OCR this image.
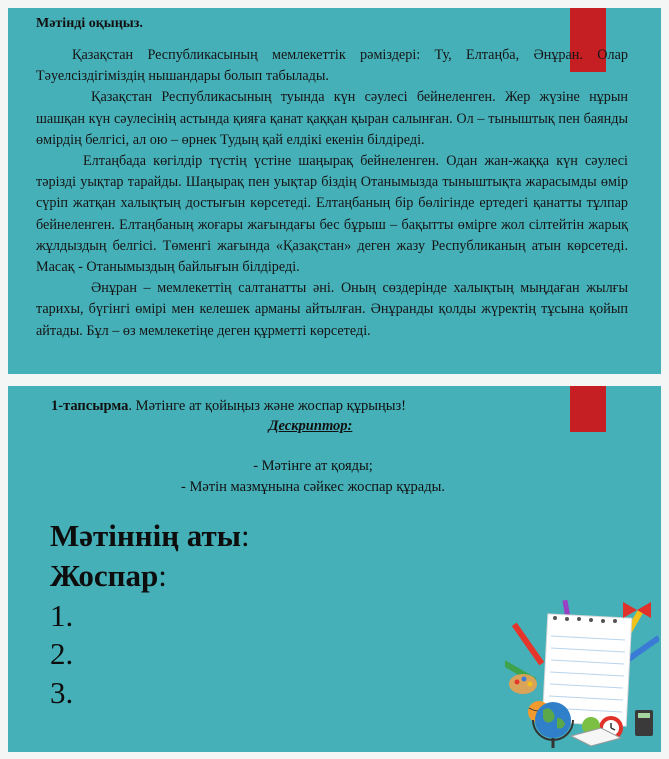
Мәтінді оқыңыз.

Қазақстан Республикасының мемлекеттік рәміздері: Ту, Елтаңба, Әнұран. Олар Тәуелсіздігіміздің нышандары болып табылады.

Қазақстан Республикасының туында күн сәулесі бейнеленген. Жер жүзіне нұрын шашқан күн сәулесінің астында қияға қанат қаққан қыран салынған. Ол – тыныштық пен баянды өмірдің белгісі, ал ою – өрнек Тудың қай елдікі екенін білдіреді.

Елтаңбада көгілдір түстің үстіне шаңырақ бейнеленген. Одан жан-жаққа күн сәулесі тәрізді уықтар тарайды. Шаңырақ пен уықтар біздің Отанымызда тыныштықта жарасымды өмір сүріп жатқан халықтың достығын көрсетеді. Елтаңбаның бір бөлігінде ертедегі қанатты тұлпар бейнеленген. Елтаңбаның жоғары жағындағы бес бұрыш – бақытты өмірге жол сілтейтін жарық жұлдыздың белгісі. Төменгі жағында «Қазақстан» деген жазу Республиканың атын көрсетеді. Масақ - Отанымыздың байлығын білдіреді.

Әнұран – мемлекеттің салтанатты әні. Оның сөздерінде халықтың мыңдаған жылғы тарихы, бүгінгі өмірі мен келешек арманы айтылған. Әнұранды қолды жүректің тұсына қойып айтады. Бұл – өз мемлекетіңе деген құрметті көрсетеді.

1-тапсырма. Мәтінге ат қойыңыз және жоспар құрыңыз!
Дескриптор:
- Мәтінге ат қояды;
- Мәтін мазмұнына сәйкес жоспар құрады.
Мәтіннің аты:
Жоспар:
1.
2.
3.
